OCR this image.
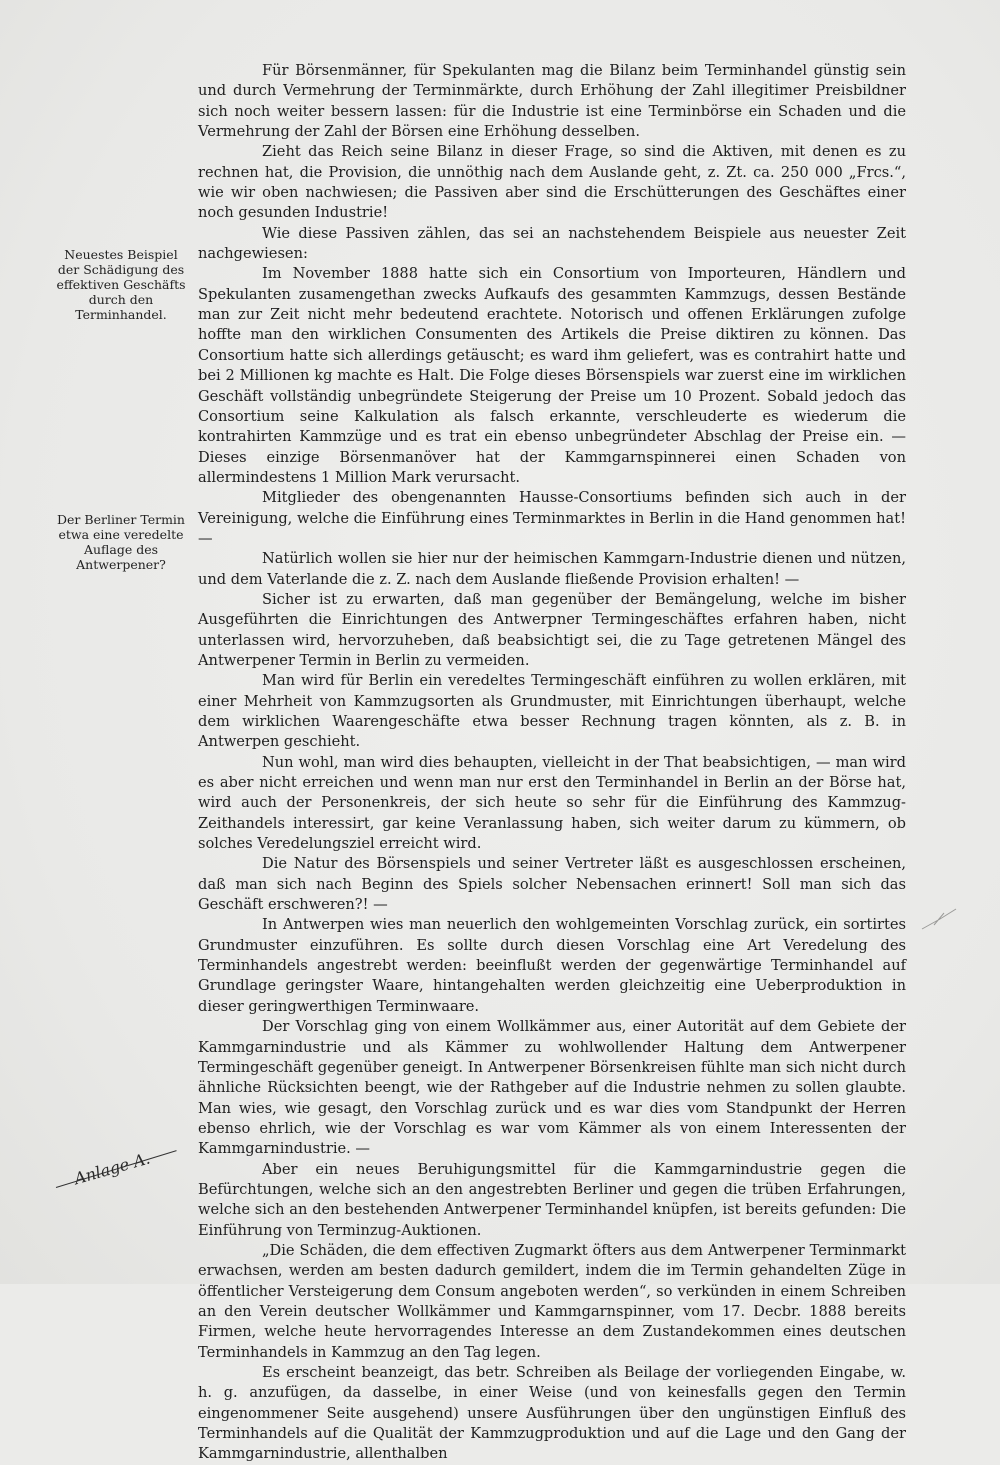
Neuestes Beispiel der Schädigung des effektiven Geschäfts durch den Terminhandel.
Der Berliner Termin etwa eine veredelte Auflage des Antwerpener?
Anlage A.

Für Börsenmänner, für Spekulanten mag die Bilanz beim Terminhandel günstig sein und durch Vermehrung der Terminmärkte, durch Erhöhung der Zahl illegitimer Preisbildner sich noch weiter bessern lassen: für die Industrie ist eine Terminbörse ein Schaden und die Vermehrung der Zahl der Börsen eine Erhöhung desselben.

Zieht das Reich seine Bilanz in dieser Frage, so sind die Aktiven, mit denen es zu rechnen hat, die Provision, die unnöthig nach dem Auslande geht, z. Zt. ca. 250 000 „Frcs.“, wie wir oben nachwiesen; die Passiven aber sind die Erschütterungen des Geschäftes einer noch gesunden Industrie!

Wie diese Passiven zählen, das sei an nachstehendem Beispiele aus neuester Zeit nachgewiesen:

Im November 1888 hatte sich ein Consortium von Importeuren, Händlern und Spekulanten zusamengethan zwecks Aufkaufs des gesammten Kammzugs, dessen Bestände man zur Zeit nicht mehr bedeutend erachtete. Notorisch und offenen Erklärungen zufolge hoffte man den wirklichen Consumenten des Artikels die Preise diktiren zu können. Das Consortium hatte sich allerdings getäuscht; es ward ihm geliefert, was es contrahirt hatte und bei 2 Millionen kg machte es Halt. Die Folge dieses Börsenspiels war zuerst eine im wirklichen Geschäft vollständig unbegründete Steigerung der Preise um 10 Prozent. Sobald jedoch das Consortium seine Kalkulation als falsch erkannte, verschleuderte es wiederum die kontrahirten Kammzüge und es trat ein ebenso unbegründeter Abschlag der Preise ein. — Dieses einzige Börsenmanöver hat der Kammgarnspinnerei einen Schaden von allermindestens 1 Million Mark verursacht.

Mitglieder des obengenannten Hausse-Consortiums befinden sich auch in der Vereinigung, welche die Einführung eines Terminmarktes in Berlin in die Hand genommen hat! —

Natürlich wollen sie hier nur der heimischen Kammgarn-Industrie dienen und nützen, und dem Vaterlande die z. Z. nach dem Auslande fließende Provision erhalten! —

Sicher ist zu erwarten, daß man gegenüber der Bemängelung, welche im bisher Ausgeführten die Einrichtungen des Antwerpner Termingeschäftes erfahren haben, nicht unterlassen wird, hervorzuheben, daß beabsichtigt sei, die zu Tage getretenen Mängel des Antwerpener Termin in Berlin zu vermeiden.

Man wird für Berlin ein veredeltes Termingeschäft einführen zu wollen erklären, mit einer Mehrheit von Kammzugsorten als Grundmuster, mit Einrichtungen überhaupt, welche dem wirklichen Waarengeschäfte etwa besser Rechnung tragen könnten, als z. B. in Antwerpen geschieht.

Nun wohl, man wird dies behaupten, vielleicht in der That beabsichtigen, — man wird es aber nicht erreichen und wenn man nur erst den Terminhandel in Berlin an der Börse hat, wird auch der Personenkreis, der sich heute so sehr für die Einführung des Kammzug-Zeithandels interessirt, gar keine Veranlassung haben, sich weiter darum zu kümmern, ob solches Veredelungsziel erreicht wird.

Die Natur des Börsenspiels und seiner Vertreter läßt es ausgeschlossen erscheinen, daß man sich nach Beginn des Spiels solcher Nebensachen erinnert! Soll man sich das Geschäft erschweren?! —

In Antwerpen wies man neuerlich den wohlgemeinten Vorschlag zurück, ein sortirtes Grundmuster einzuführen. Es sollte durch diesen Vorschlag eine Art Veredelung des Terminhandels angestrebt werden: beeinflußt werden der gegenwärtige Terminhandel auf Grundlage geringster Waare, hintangehalten werden gleichzeitig eine Ueberproduktion in dieser geringwerthigen Terminwaare.

Der Vorschlag ging von einem Wollkämmer aus, einer Autorität auf dem Gebiete der Kammgarnindustrie und als Kämmer zu wohlwollender Haltung dem Antwerpener Termingeschäft gegenüber geneigt. In Antwerpener Börsenkreisen fühlte man sich nicht durch ähnliche Rücksichten beengt, wie der Rathgeber auf die Industrie nehmen zu sollen glaubte. Man wies, wie gesagt, den Vorschlag zurück und es war dies vom Standpunkt der Herren ebenso ehrlich, wie der Vorschlag es war vom Kämmer als von einem Interessenten der Kammgarnindustrie. —

Aber ein neues Beruhigungsmittel für die Kammgarnindustrie gegen die Befürchtungen, welche sich an den angestrebten Berliner und gegen die trüben Erfahrungen, welche sich an den bestehenden Antwerpener Terminhandel knüpfen, ist bereits gefunden: Die Einführung von Terminzug-Auktionen.

„Die Schäden, die dem effectiven Zugmarkt öfters aus dem Antwerpener Terminmarkt erwachsen, werden am besten dadurch gemildert, indem die im Termin gehandelten Züge in öffentlicher Versteigerung dem Consum angeboten werden“, so verkünden in einem Schreiben an den Verein deutscher Wollkämmer und Kammgarnspinner, vom 17. Decbr. 1888 bereits Firmen, welche heute hervorragendes Interesse an dem Zustandekommen eines deutschen Terminhandels in Kammzug an den Tag legen.

Es erscheint beanzeigt, das betr. Schreiben als Beilage der vorliegenden Eingabe, w. h. g. anzufügen, da dasselbe, in einer Weise (und von keinesfalls gegen den Termin eingenommener Seite ausgehend) unsere Ausführungen über den ungünstigen Einfluß des Terminhandels auf die Qualität der Kammzugproduktion und auf die Lage und den Gang der Kammgarnindustrie, allenthalben
